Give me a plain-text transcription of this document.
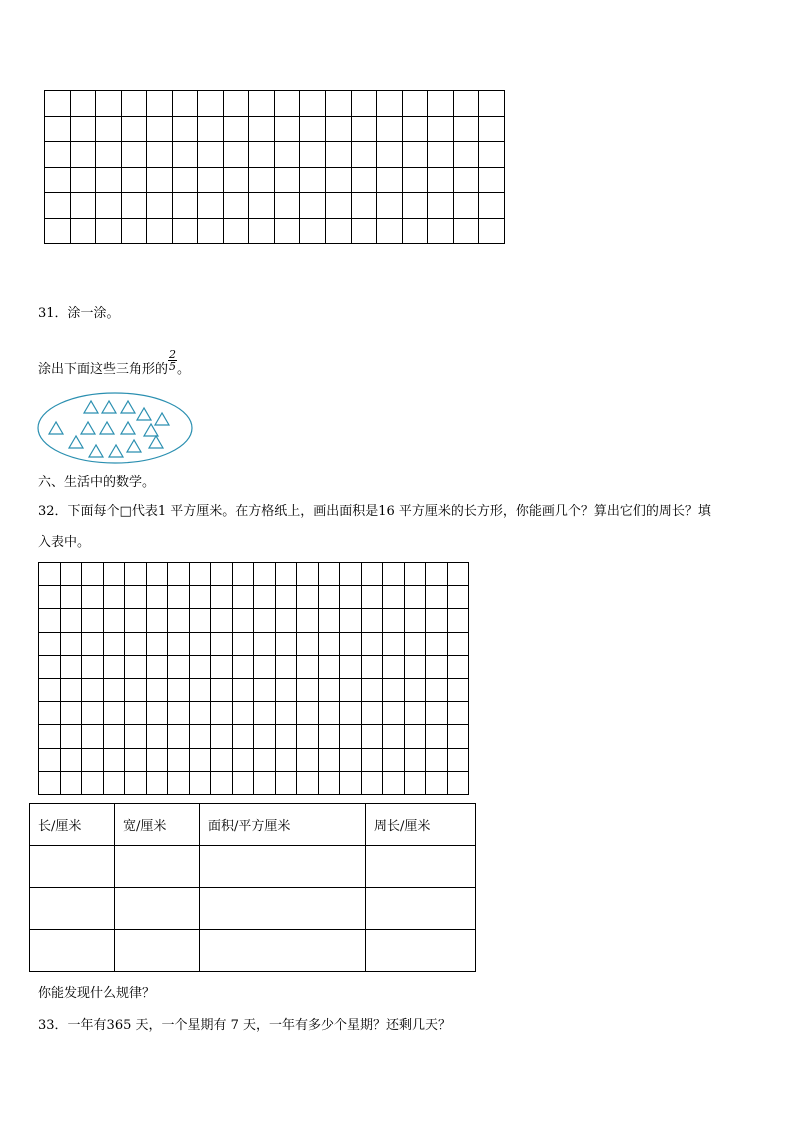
31．涂一涂。
涂出下面这些三角形的 $\frac{2}{5}$ 。
六、生活中的数学。
32．下面每个□代表1 平方厘米。在方格纸上，画出面积是16 平方厘米的长方形，你能画几个？算出它们的周长？填
入表中。

长/厘米	宽/厘米	面积/平方厘米	周长/厘米

你能发现什么规律？
33．一年有365 天，一个星期有 7 天，一年有多少个星期？还剩几天？
